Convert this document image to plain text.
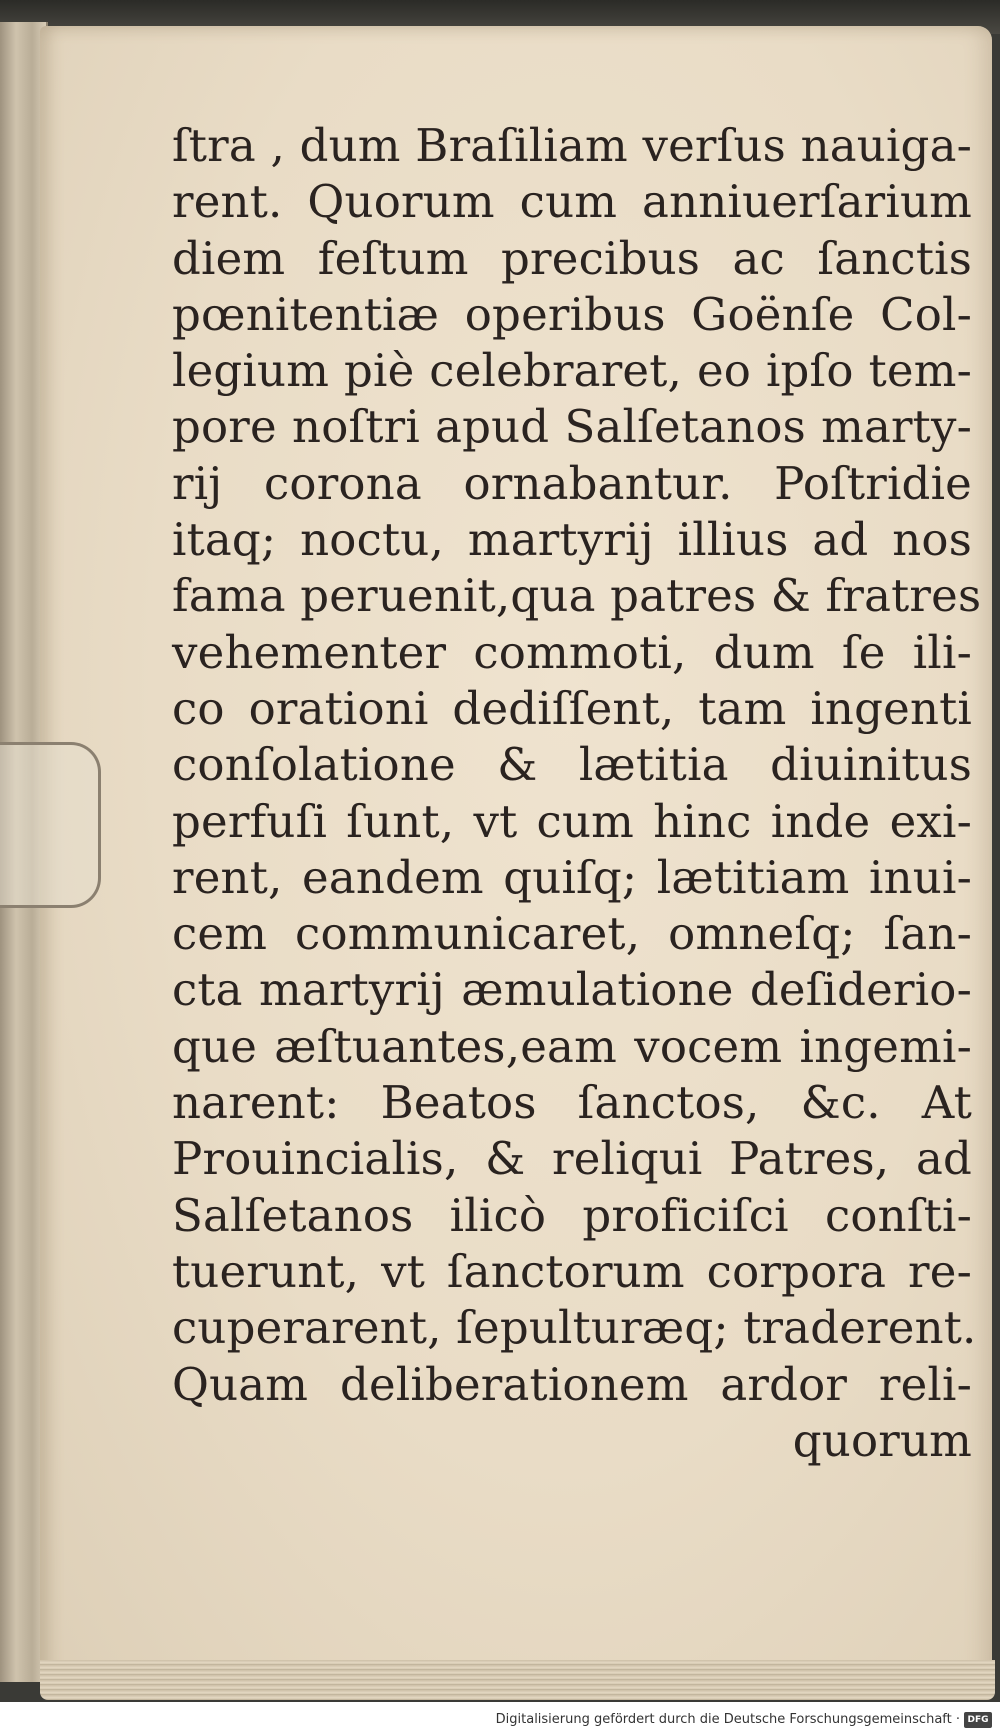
ſtra , dum Braſiliam verſus nauiga-
rent. Quorum cum anniuerſarium
diem feſtum precibus ac ſanctis
pœnitentiæ operibus Goënſe Col-
legium piè celebraret, eo ipſo tem-
pore noſtri apud Salſetanos marty-
rij corona ornabantur. Poſtridie
itaq; noctu, martyrij illius ad nos
fama peruenit,qua patres & fratres
vehementer commoti, dum ſe ili-
co orationi dediſſent, tam ingenti
conſolatione & lætitia diuinitus
perfuſi ſunt, vt cum hinc inde exi-
rent, eandem quiſq; lætitiam inui-
cem communicaret, omneſq; ſan-
cta martyrij æmulatione deſiderio-
que æſtuantes,eam vocem ingemi-
narent: Beatos ſanctos, &c. At
Prouincialis, & reliqui Patres, ad
Salſetanos ilicò proficiſci conſti-
tuerunt, vt ſanctorum corpora re-
cuperarent, ſepulturæq; traderent.
Quam deliberationem ardor reli-
quorum
Digitalisierung gefördert durch die Deutsche Forschungsgemeinschaft · DFG
